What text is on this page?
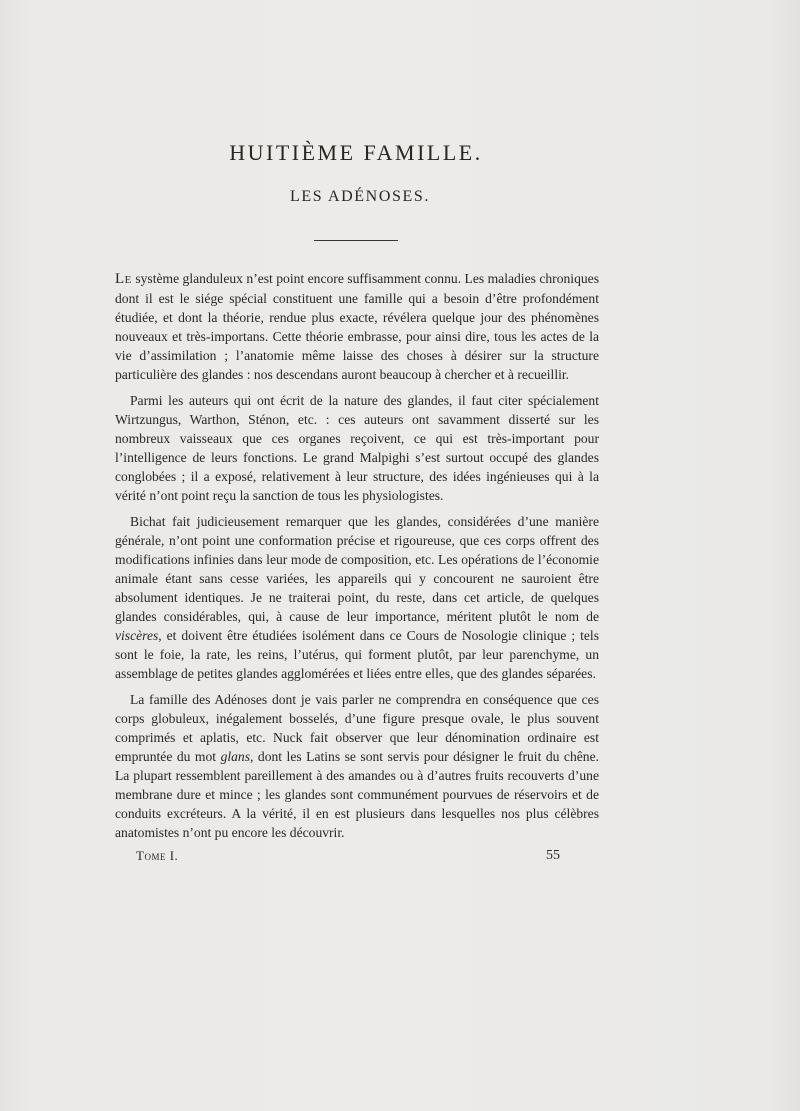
HUITIÈME FAMILLE.
LES ADÉNOSES.

Le système glanduleux n’est point encore suffisamment connu. Les maladies chroniques dont il est le siége spécial constituent une famille qui a besoin d’être profondément étudiée, et dont la théorie, rendue plus exacte, révélera quelque jour des phénomènes nouveaux et très-importans. Cette théorie embrasse, pour ainsi dire, tous les actes de la vie d’assimilation ; l’anatomie même laisse des choses à désirer sur la structure particulière des glandes : nos descendans auront beaucoup à chercher et à recueillir.

Parmi les auteurs qui ont écrit de la nature des glandes, il faut citer spécialement Wirtzungus, Warthon, Sténon, etc. : ces auteurs ont savamment disserté sur les nombreux vaisseaux que ces organes reçoivent, ce qui est très-important pour l’intelligence de leurs fonctions. Le grand Malpighi s’est surtout occupé des glandes conglobées ; il a exposé, relativement à leur structure, des idées ingénieuses qui à la vérité n’ont point reçu la sanction de tous les physiologistes.

Bichat fait judicieusement remarquer que les glandes, considérées d’une manière générale, n’ont point une conformation précise et rigoureuse, que ces corps offrent des modifications infinies dans leur mode de composition, etc. Les opérations de l’économie animale étant sans cesse variées, les appareils qui y concourent ne sauroient être absolument identiques. Je ne traiterai point, du reste, dans cet article, de quelques glandes considérables, qui, à cause de leur importance, méritent plutôt le nom de viscères, et doivent être étudiées isolément dans ce Cours de Nosologie clinique ; tels sont le foie, la rate, les reins, l’utérus, qui forment plutôt, par leur parenchyme, un assemblage de petites glandes agglomérées et liées entre elles, que des glandes séparées.

La famille des Adénoses dont je vais parler ne comprendra en conséquence que ces corps globuleux, inégalement bosselés, d’une figure presque ovale, le plus souvent comprimés et aplatis, etc. Nuck fait observer que leur dénomination ordinaire est empruntée du mot glans, dont les Latins se sont servis pour désigner le fruit du chêne. La plupart ressemblent pareillement à des amandes ou à d’autres fruits recouverts d’une membrane dure et mince ; les glandes sont communément pourvues de réservoirs et de conduits excréteurs. A la vérité, il en est plusieurs dans lesquelles nos plus célèbres anatomistes n’ont pu encore les découvrir.

Tome I.	55
